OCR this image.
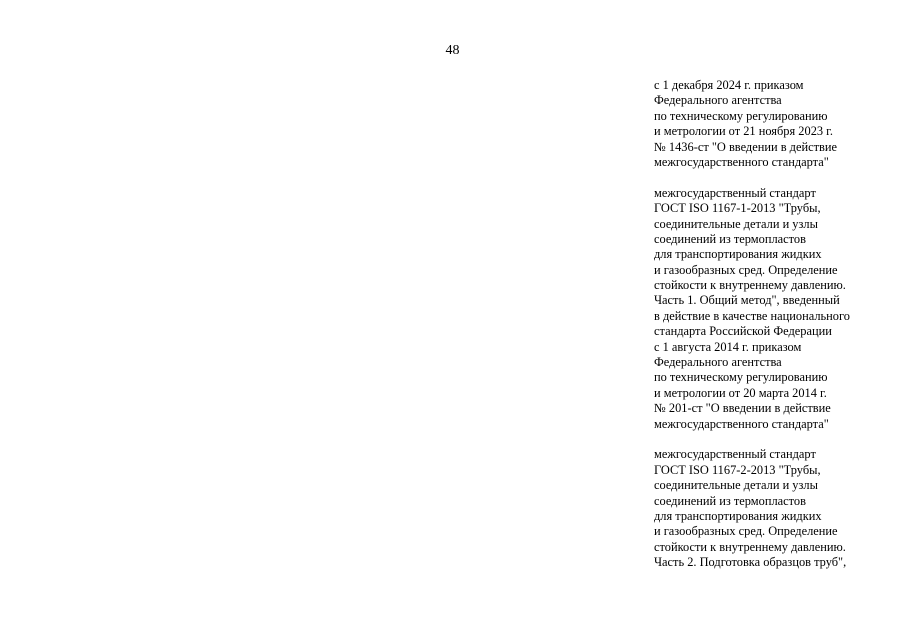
48
с 1 декабря 2024 г. приказом
Федерального агентства
по техническому регулированию
и метрологии от 21 ноября 2023 г.
№ 1436-ст "О введении в действие
межгосударственного стандарта"
межгосударственный стандарт
ГОСТ ISO 1167-1-2013 "Трубы,
соединительные детали и узлы
соединений из термопластов
для транспортирования жидких
и газообразных сред. Определение
стойкости к внутреннему давлению.
Часть 1. Общий метод", введенный
в действие в качестве национального
стандарта Российской Федерации
с 1 августа 2014 г. приказом
Федерального агентства
по техническому регулированию
и метрологии от 20 марта 2014 г.
№ 201-ст "О введении в действие
межгосударственного стандарта"
межгосударственный стандарт
ГОСТ ISO 1167-2-2013 "Трубы,
соединительные детали и узлы
соединений из термопластов
для транспортирования жидких
и газообразных сред. Определение
стойкости к внутреннему давлению.
Часть 2. Подготовка образцов труб",
